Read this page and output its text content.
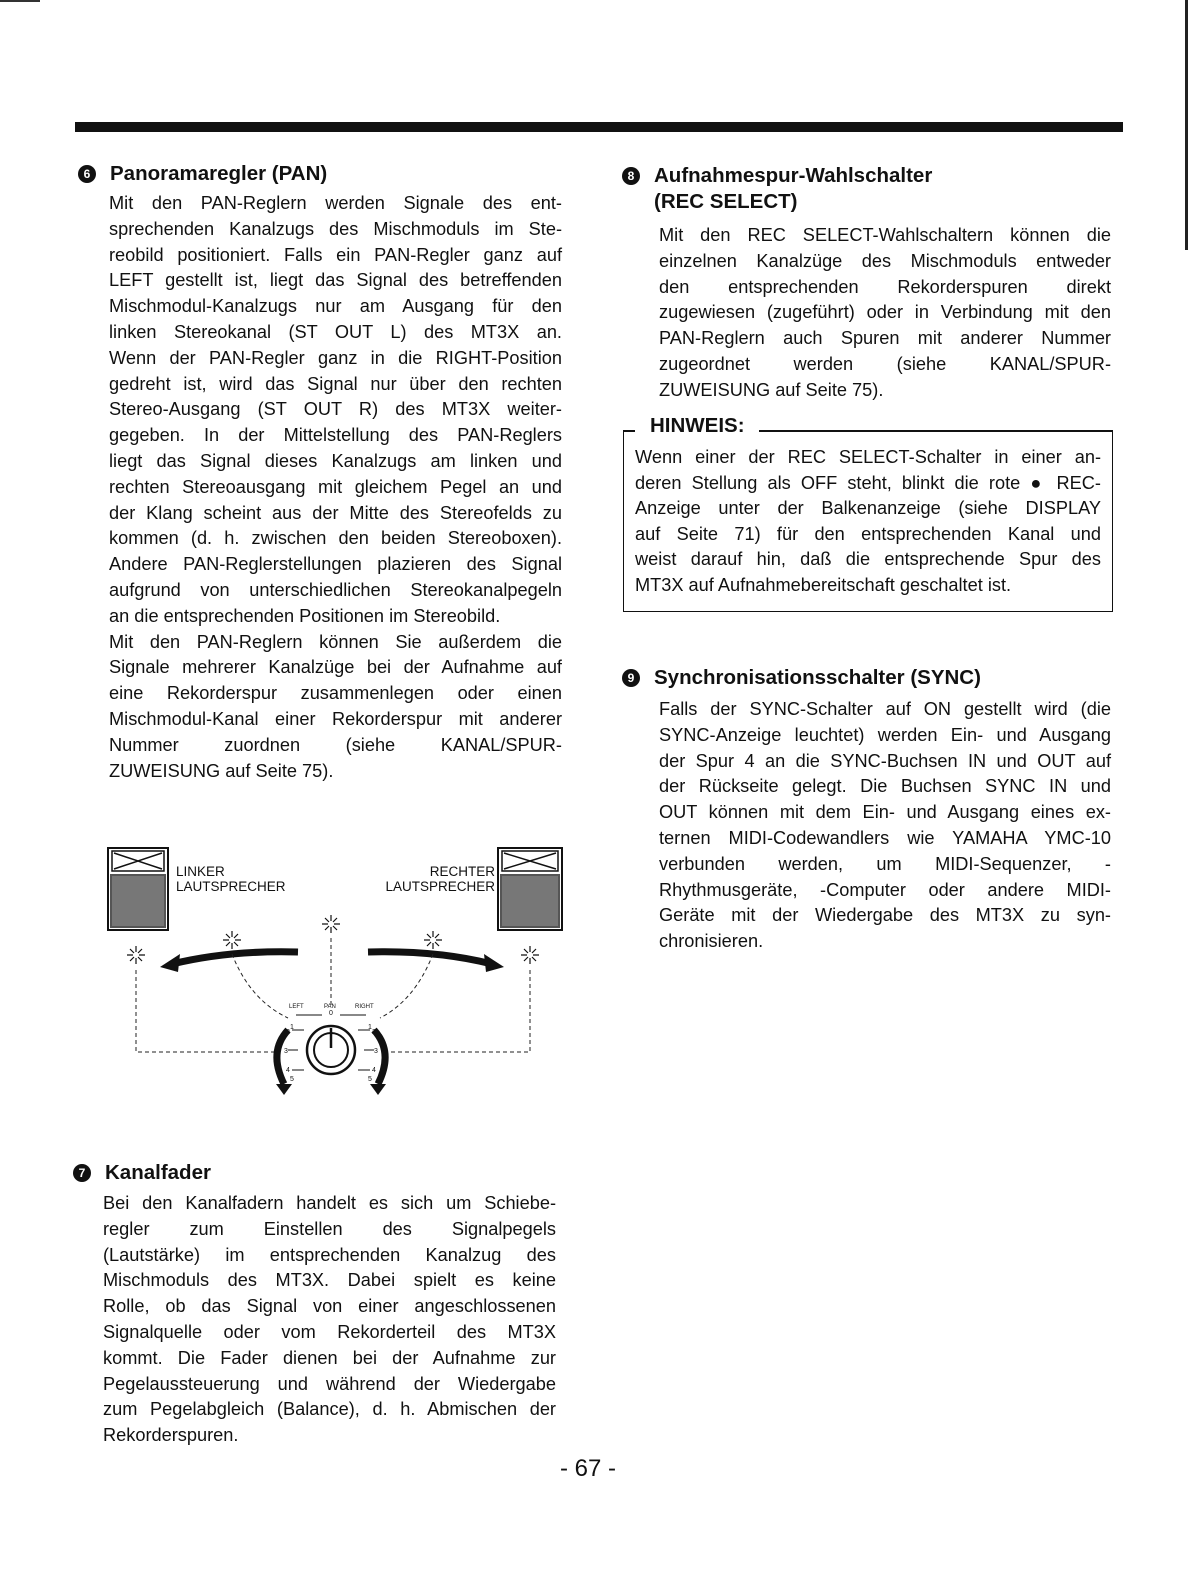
6 Panoramaregler (PAN)
Mit den PAN-Reglern werden Signale des ent-
sprechenden Kanalzugs des Mischmoduls im Ste-
reobild positioniert. Falls ein PAN-Regler ganz auf
LEFT gestellt ist, liegt das Signal des betreffenden
Mischmodul-Kanalzugs nur am Ausgang für den
linken Stereokanal (ST OUT L) des MT3X an.
Wenn der PAN-Regler ganz in die RIGHT-Position
gedreht ist, wird das Signal nur über den rechten
Stereo-Ausgang (ST OUT R) des MT3X weiter-
gegeben. In der Mittelstellung des PAN-Reglers
liegt das Signal dieses Kanalzugs am linken und
rechten Stereoausgang mit gleichem Pegel an und
der Klang scheint aus der Mitte des Stereofelds zu
kommen (d. h. zwischen den beiden Stereoboxen).
Andere PAN-Reglerstellungen plazieren des Signal
aufgrund von unterschiedlichen Stereokanalpegeln
an die entsprechenden Positionen im Stereobild.
Mit den PAN-Reglern können Sie außerdem die
Signale mehrerer Kanalzüge bei der Aufnahme auf
eine Rekorderspur zusammenlegen oder einen
Mischmodul-Kanal einer Rekorderspur mit anderer
Nummer zuordnen (siehe KANAL/SPUR-
ZUWEISUNG auf Seite 75).
LINKER
LAUTSPRECHER
RECHTER
LAUTSPRECHER
LEFT	PAN	RIGHT
0
1
2
3
4
5
1
2
3
4
5
7 Kanalfader
Bei den Kanalfadern handelt es sich um Schiebe-
regler zum Einstellen des Signalpegels
(Lautstärke) im entsprechenden Kanalzug des
Mischmoduls des MT3X. Dabei spielt es keine
Rolle, ob das Signal von einer angeschlossenen
Signalquelle oder vom Rekorderteil des MT3X
kommt. Die Fader dienen bei der Aufnahme zur
Pegelaussteuerung und während der Wiedergabe
zum Pegelabgleich (Balance), d. h. Abmischen der
Rekorderspuren.
8 Aufnahmespur-Wahlschalter
(REC SELECT)
Mit den REC SELECT-Wahlschaltern können die
einzelnen Kanalzüge des Mischmoduls entweder
den entsprechenden Rekorderspuren direkt
zugewiesen (zugeführt) oder in Verbindung mit den
PAN-Reglern auch Spuren mit anderer Nummer
zugeordnet werden (siehe KANAL/SPUR-
ZUWEISUNG auf Seite 75).
HINWEIS:
Wenn einer der REC SELECT-Schalter in einer an-
deren Stellung als OFF steht, blinkt die rote ● REC-
Anzeige unter der Balkenanzeige (siehe DISPLAY
auf Seite 71) für den entsprechenden Kanal und
weist darauf hin, daß die entsprechende Spur des
MT3X auf Aufnahmebereitschaft geschaltet ist.
9 Synchronisationsschalter (SYNC)
Falls der SYNC-Schalter auf ON gestellt wird (die
SYNC-Anzeige leuchtet) werden Ein- und Ausgang
der Spur 4 an die SYNC-Buchsen IN und OUT auf
der Rückseite gelegt. Die Buchsen SYNC IN und
OUT können mit dem Ein- und Ausgang eines ex-
ternen MIDI-Codewandlers wie YAMAHA YMC-10
verbunden werden, um MIDI-Sequenzer, -
Rhythmusgeräte, -Computer oder andere MIDI-
Geräte mit der Wiedergabe des MT3X zu syn-
chronisieren.
- 67 -
